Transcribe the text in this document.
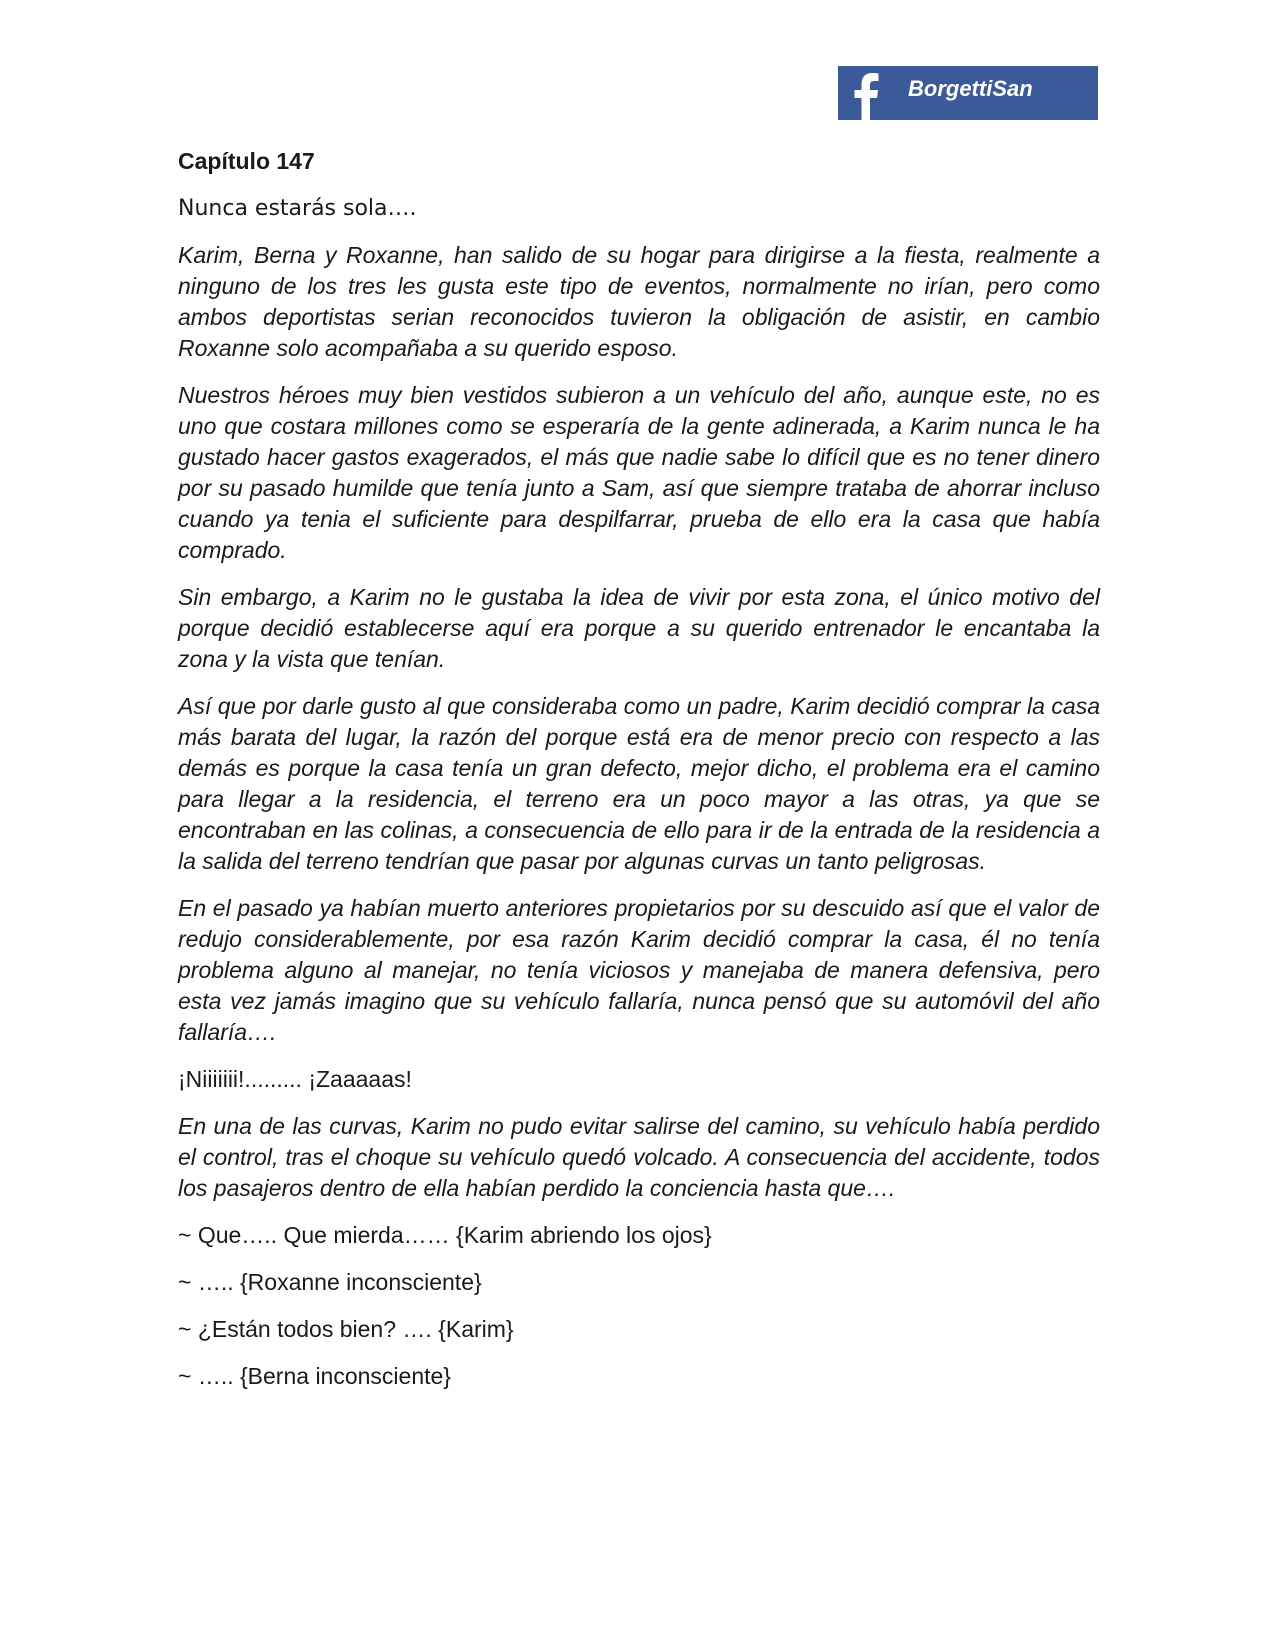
BorgettiSan
Capítulo 147
Nunca estarás sola….

Karim, Berna y Roxanne, han salido de su hogar para dirigirse a la fiesta, realmente a ninguno de los tres les gusta este tipo de eventos, normalmente no irían, pero como ambos deportistas serian reconocidos tuvieron la obligación de asistir, en cambio Roxanne solo acompañaba a su querido esposo.

Nuestros héroes muy bien vestidos subieron a un vehículo del año, aunque este, no es uno que costara millones como se esperaría de la gente adinerada, a Karim nunca le ha gustado hacer gastos exagerados, el más que nadie sabe lo difícil que es no tener dinero por su pasado humilde que tenía junto a Sam, así que siempre trataba de ahorrar incluso cuando ya tenia el suficiente para despilfarrar, prueba de ello era la casa que había comprado.

Sin embargo, a Karim no le gustaba la idea de vivir por esta zona, el único motivo del porque decidió establecerse aquí era porque a su querido entrenador le encantaba la zona y la vista que tenían.

Así que por darle gusto al que consideraba como un padre, Karim decidió comprar la casa más barata del lugar, la razón del porque está era de menor precio con respecto a las demás es porque la casa tenía un gran defecto, mejor dicho, el problema era el camino para llegar a la residencia, el terreno era un poco mayor a las otras, ya que se encontraban en las colinas, a consecuencia de ello para ir de la entrada de la residencia a la salida del terreno tendrían que pasar por algunas curvas un tanto peligrosas.

En el pasado ya habían muerto anteriores propietarios por su descuido así que el valor de redujo considerablemente, por esa razón Karim decidió comprar la casa, él no tenía problema alguno al manejar, no tenía viciosos y manejaba de manera defensiva, pero esta vez jamás imagino que su vehículo fallaría, nunca pensó que su automóvil del año fallaría….

¡Niiiiiii!......... ¡Zaaaaas!

En una de las curvas, Karim no pudo evitar salirse del camino, su vehículo había perdido el control, tras el choque su vehículo quedó volcado. A consecuencia del accidente, todos los pasajeros dentro de ella habían perdido la conciencia hasta que….

~ Que….. Que mierda…… {Karim abriendo los ojos}

~ ….. {Roxanne inconsciente}

~ ¿Están todos bien? …. {Karim}

~ ….. {Berna inconsciente}
